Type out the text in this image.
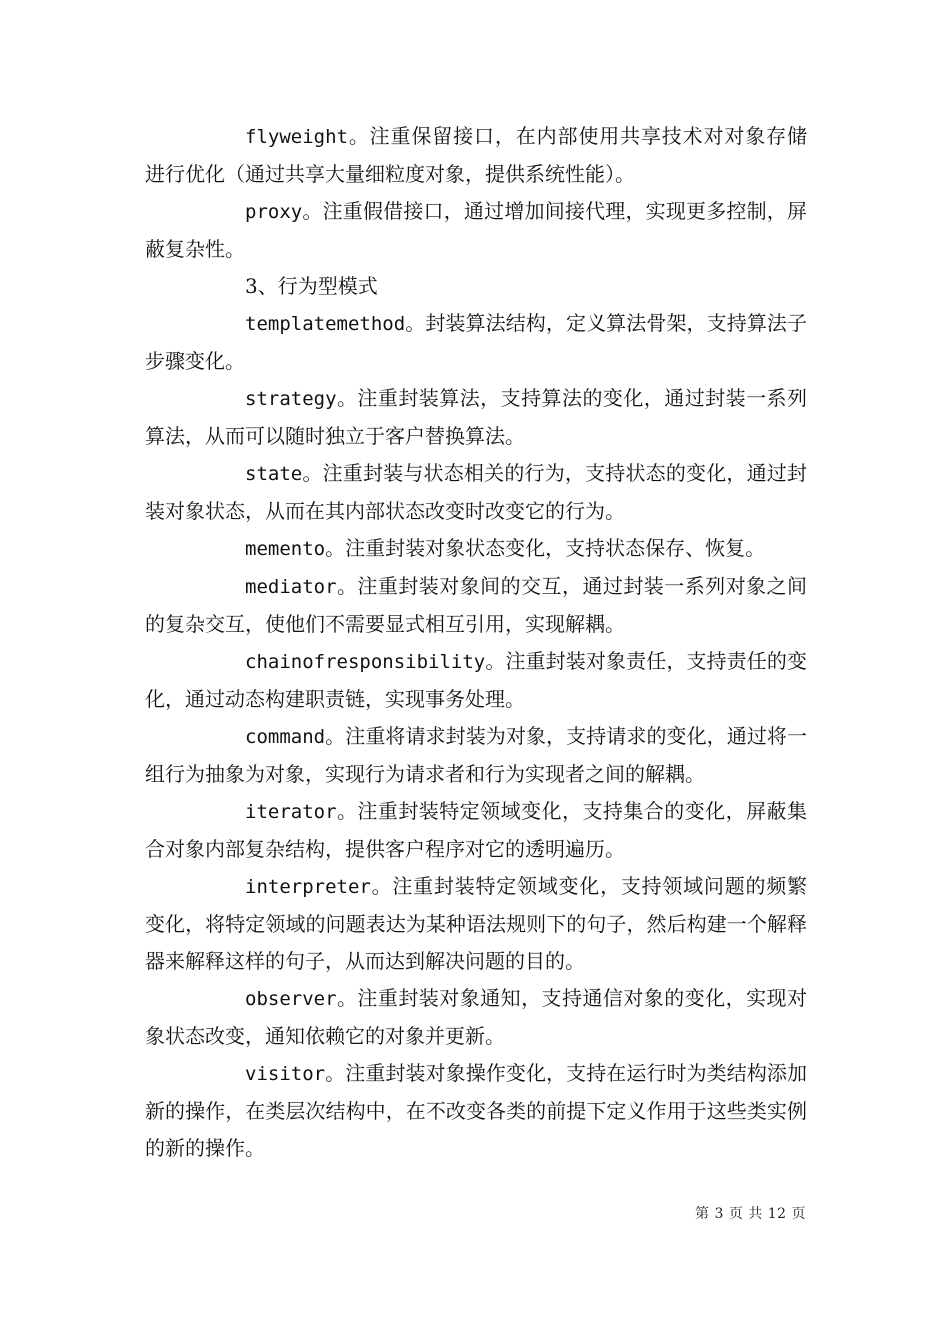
flyweight。注重保留接口，在内部使用共享技术对对象存储进行优化（通过共享大量细粒度对象，提供系统性能）。

proxy。注重假借接口，通过增加间接代理，实现更多控制，屏蔽复杂性。

3、行为型模式

templatemethod。封装算法结构，定义算法骨架，支持算法子步骤变化。

strategy。注重封装算法，支持算法的变化，通过封装一系列算法，从而可以随时独立于客户替换算法。

state。注重封装与状态相关的行为，支持状态的变化，通过封装对象状态，从而在其内部状态改变时改变它的行为。

memento。注重封装对象状态变化，支持状态保存、恢复。

mediator。注重封装对象间的交互，通过封装一系列对象之间的复杂交互，使他们不需要显式相互引用，实现解耦。

chainofresponsibility。注重封装对象责任，支持责任的变化，通过动态构建职责链，实现事务处理。

command。注重将请求封装为对象，支持请求的变化，通过将一组行为抽象为对象，实现行为请求者和行为实现者之间的解耦。

iterator。注重封装特定领域变化，支持集合的变化，屏蔽集合对象内部复杂结构，提供客户程序对它的透明遍历。

interpreter。注重封装特定领域变化，支持领域问题的频繁变化，将特定领域的问题表达为某种语法规则下的句子，然后构建一个解释器来解释这样的句子，从而达到解决问题的目的。

observer。注重封装对象通知，支持通信对象的变化，实现对象状态改变，通知依赖它的对象并更新。

visitor。注重封装对象操作变化，支持在运行时为类结构添加新的操作，在类层次结构中，在不改变各类的前提下定义作用于这些类实例的新的操作。

第 3 页 共 12 页
